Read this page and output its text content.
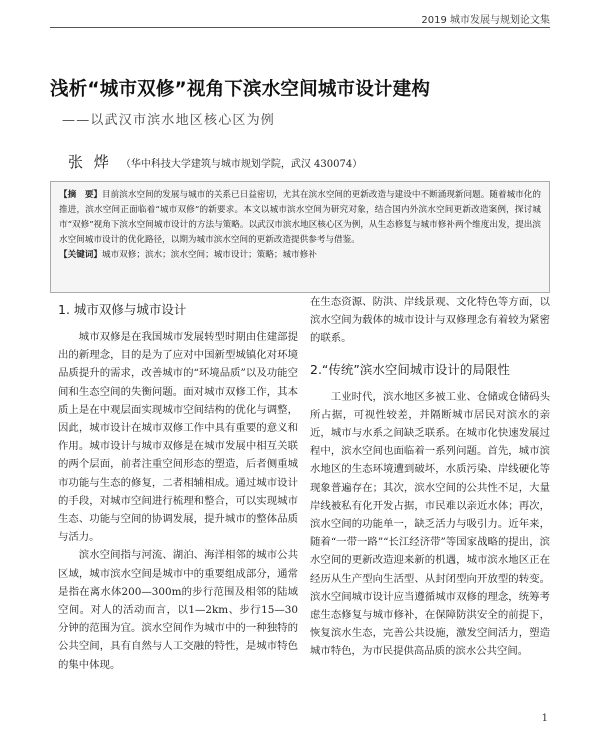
2019 城市发展与规划论文集
浅析“城市双修”视角下滨水空间城市设计建构
——以武汉市滨水地区核心区为例
张 烨 （华中科技大学建筑与城市规划学院，武汉 430074）
【摘　要】目前滨水空间的发展与城市的关系已日益密切，尤其在滨水空间的更新改造与建设中不断涌现新问题。随着城市化的推进，滨水空间正面临着“城市双修”的新要求。本文以城市滨水空间为研究对象，结合国内外滨水空间更新改造案例，探讨城市“双修”视角下滨水空间城市设计的方法与策略。以武汉市滨水地区核心区为例，从生态修复与城市修补两个维度出发，提出滨水空间城市设计的优化路径，以期为城市滨水空间的更新改造提供参考与借鉴。
【关键词】城市双修；滨水；滨水空间；城市设计；策略；城市修补
1. 城市双修与城市设计

城市双修是在我国城市发展转型时期由住建部提出的新理念，目的是为了应对中国新型城镇化对环境品质提升的需求，改善城市的“环境品质”以及功能空间和生态空间的失衡问题。面对城市双修工作，其本质上是在中观层面实现城市空间结构的优化与调整，因此，城市设计在城市双修工作中具有重要的意义和作用。城市设计与城市双修是在城市发展中相互关联的两个层面，前者注重空间形态的塑造，后者侧重城市功能与生态的修复，二者相辅相成。通过城市设计的手段，对城市空间进行梳理和整合，可以实现城市生态、功能与空间的协调发展，提升城市的整体品质与活力。

滨水空间指与河流、湖泊、海洋相邻的城市公共区域，城市滨水空间是城市中的重要组成部分，通常是指在离水体200—300m的步行范围及相邻的陆域空间。对人的活动而言，以1—2km、步行15—30分钟的范围为宜。滨水空间作为城市中的一种独特的公共空间，具有自然与人工交融的特性，是城市特色的集中体现。

在生态资源、防洪、岸线景观、文化特色等方面，以滨水空间为载体的城市设计与双修理念有着较为紧密的联系。

2.“传统”滨水空间城市设计的局限性

工业时代，滨水地区多被工业、仓储或仓储码头所占据，可视性较差，并隔断城市居民对滨水的亲近，城市与水系之间缺乏联系。在城市化快速发展过程中，滨水空间也面临着一系列问题。首先，城市滨水地区的生态环境遭到破坏，水质污染、岸线硬化等现象普遍存在；其次，滨水空间的公共性不足，大量岸线被私有化开发占据，市民难以亲近水体；再次，滨水空间的功能单一，缺乏活力与吸引力。近年来，随着“一带一路”“长江经济带”等国家战略的提出，滨水空间的更新改造迎来新的机遇，城市滨水地区正在经历从生产型向生活型、从封闭型向开放型的转变。滨水空间城市设计应当遵循城市双修的理念，统筹考虑生态修复与城市修补，在保障防洪安全的前提下，恢复滨水生态，完善公共设施，激发空间活力，塑造城市特色，为市民提供高品质的滨水公共空间。

1
